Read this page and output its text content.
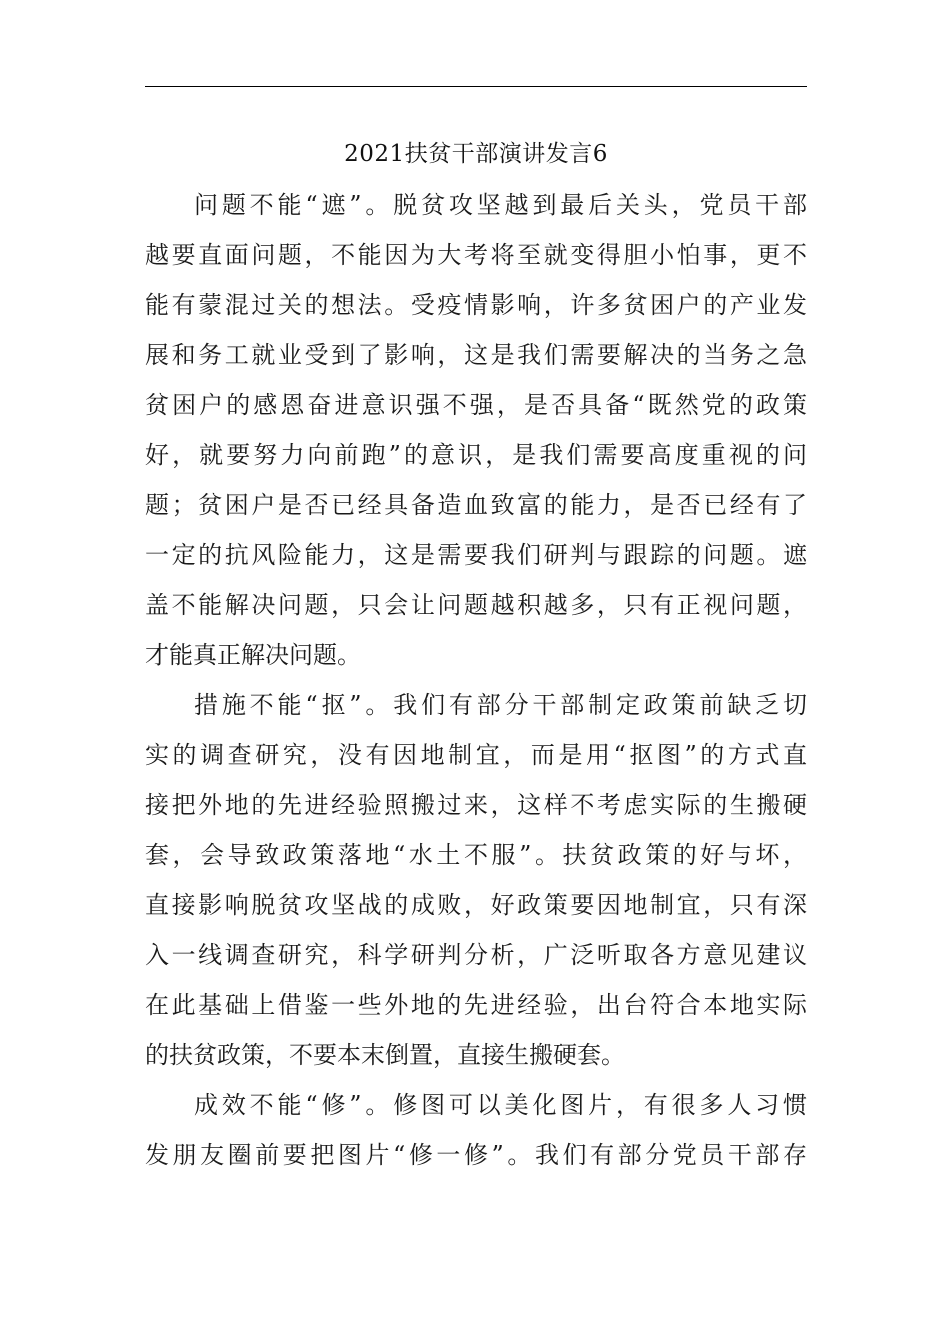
2021扶贫干部演讲发言6

问题不能“遮”。脱贫攻坚越到最后关头，党员干部

越要直面问题，不能因为大考将至就变得胆小怕事，更不

能有蒙混过关的想法。受疫情影响，许多贫困户的产业发

展和务工就业受到了影响，这是我们需要解决的当务之急

贫困户的感恩奋进意识强不强，是否具备“既然党的政策

好，就要努力向前跑”的意识，是我们需要高度重视的问

题；贫困户是否已经具备造血致富的能力，是否已经有了

一定的抗风险能力，这是需要我们研判与跟踪的问题。遮

盖不能解决问题，只会让问题越积越多，只有正视问题，

才能真正解决问题。

措施不能“抠”。我们有部分干部制定政策前缺乏切

实的调查研究，没有因地制宜，而是用“抠图”的方式直

接把外地的先进经验照搬过来，这样不考虑实际的生搬硬

套，会导致政策落地“水土不服”。扶贫政策的好与坏，

直接影响脱贫攻坚战的成败，好政策要因地制宜，只有深

入一线调查研究，科学研判分析，广泛听取各方意见建议

在此基础上借鉴一些外地的先进经验，出台符合本地实际

的扶贫政策，不要本末倒置，直接生搬硬套。

成效不能“修”。修图可以美化图片，有很多人习惯

发朋友圈前要把图片“修一修”。我们有部分党员干部存
